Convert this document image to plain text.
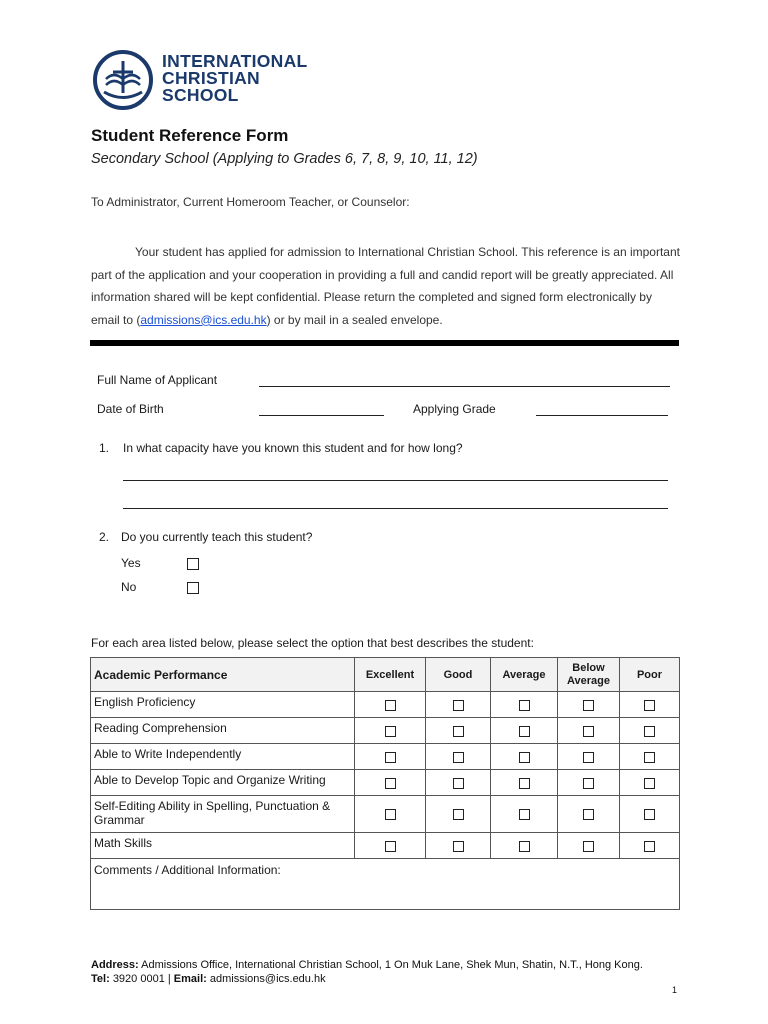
INTERNATIONAL
CHRISTIAN
SCHOOL
Student Reference Form
Secondary School (Applying to Grades 6, 7, 8, 9, 10, 11, 12)
To Administrator, Current Homeroom Teacher, or Counselor:
Your student has applied for admission to International Christian School. This reference is an important part of the application and your cooperation in providing a full and candid report will be greatly appreciated. All information shared will be kept confidential. Please return the completed and signed form electronically by email to (admissions@ics.edu.hk) or by mail in a sealed envelope.
Full Name of Applicant
Date of Birth	Applying Grade
1. In what capacity have you known this student and for how long?
2. Do you currently teach this student?
Yes
No
For each area listed below, please select the option that best describes the student:
Academic Performance	Excellent	Good	Average	Below Average	Poor
English Proficiency					
Reading Comprehension					
Able to Write Independently					
Able to Develop Topic and Organize Writing					
Self-Editing Ability in Spelling, Punctuation & Grammar					
Math Skills					
Comments / Additional Information:					
Address: Admissions Office, International Christian School, 1 On Muk Lane, Shek Mun, Shatin, N.T., Hong Kong.
Tel: 3920 0001 | Email: admissions@ics.edu.hk
1
